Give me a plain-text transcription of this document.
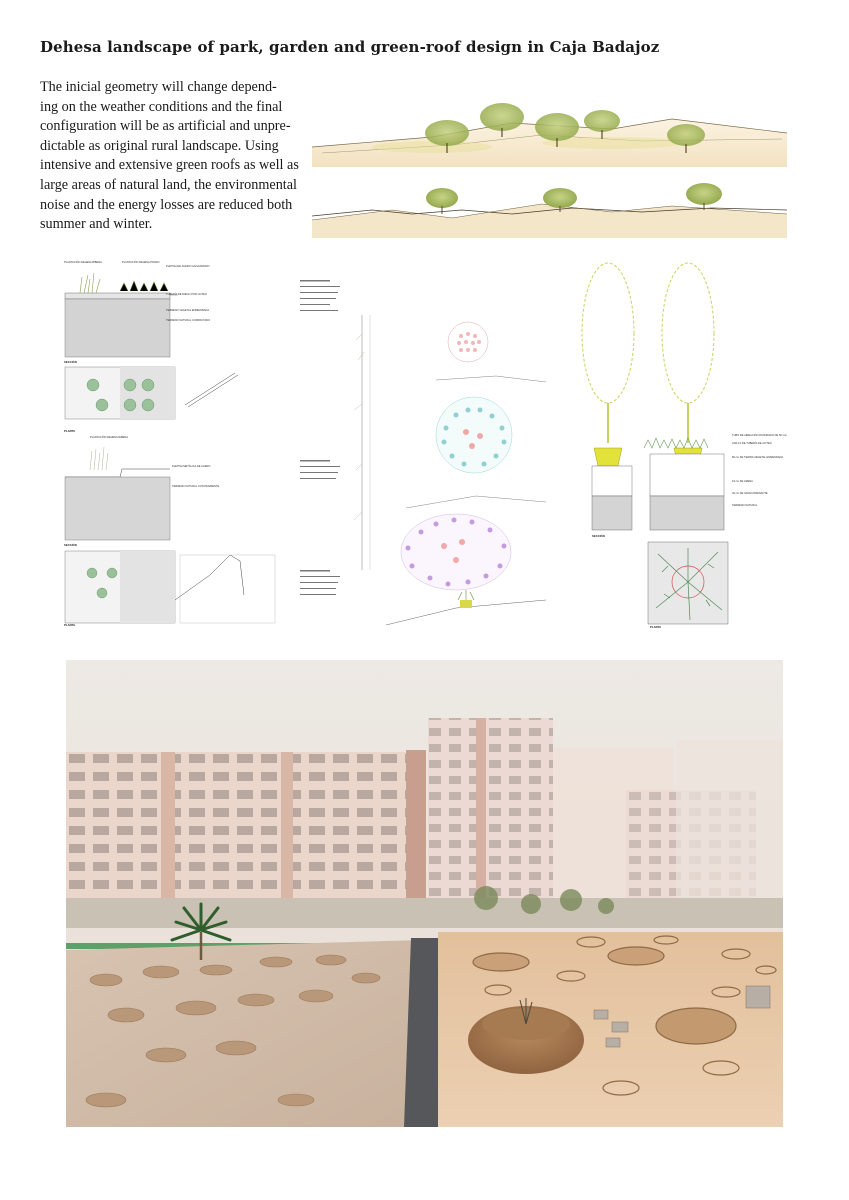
Dehesa landscape of park, garden and green-roof design in Caja Badajoz
The inicial geometry will change depend-
ing on the weather conditions and the final
configuration will be as artificial and unpre-
dictable as original rural landscape. Using
intensive and extensive green roofs as well as
large areas of natural land, the environmental
noise and the energy losses are reduced both
summer and winter.
PLANTACIÓN DEHESA BIBERA	PLANTACIÓN DEHESA PRADO
PLETINA DE ACERO GALVANIZADO
TUBERÍA DE RIEGO POR GOTEO
TERRENO VEGETAL ENMIENDADA
TERRENO NATURAL COMPACTADO
SECCIÓN
PLANTA
PLANTACIÓN DEHESA RIBERA
PLETINA METÁLICA DE ACERO
TERRENO NATURAL CON PENDIENTE
SECCIÓN
PLANTA
TUBO DE AIREACIÓN RANURADO DE 50 mm
ANILLO DE TUBERÍA DE GOTEO
80 cm DE TIERRA VEGETAL ENMENDADA
15 cm DE ARENA
30 cm DE GRAVA DRENANTE
TERRENO NATURAL
SECCIÓN
PLANTA
